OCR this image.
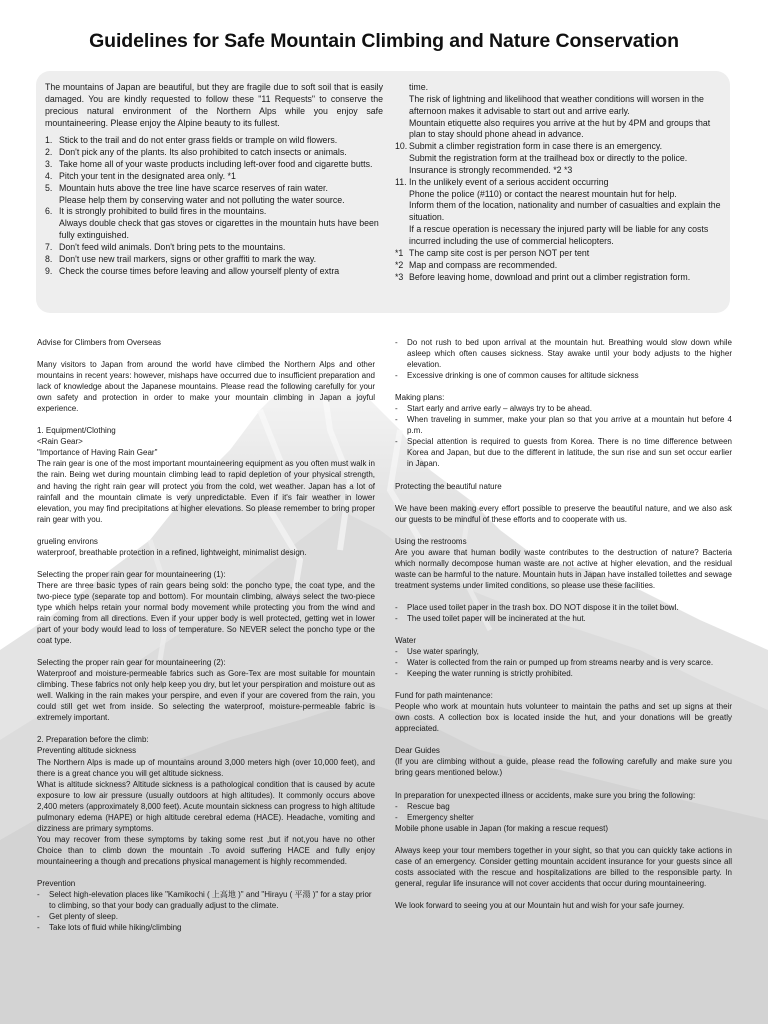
Guidelines for Safe Mountain Climbing and Nature Conservation

The mountains of Japan are beautiful, but they are fragile due to soft soil that is easily damaged. You are kindly requested to follow these "11 Requests" to conserve the precious natural environment of the Northern Alps while you enjoy safe mountaineering. Please enjoy the Alpine beauty to its fullest.

1. Stick to the trail and do not enter grass fields or trample on wild flowers.
2. Don't pick any of the plants. Its also prohibited to catch insects or animals.
3. Take home all of your waste products including left-over food and cigarette butts.
4. Pitch your tent in the designated area only. *1
5. Mountain huts above the tree line have scarce reserves of rain water.

Please help them by conserving water and not polluting the water source.

6. It is strongly prohibited to build fires in the mountains.

Always double check that gas stoves or cigarettes in the mountain huts have been fully extinguished.

7. Don't feed wild animals. Don't bring pets to the mountains.
8. Don't use new trail markers, signs or other graffiti to mark the way.
9. Check the course times before leaving and allow yourself plenty of extra

time.

The risk of lightning and likelihood that weather conditions will worsen in the afternoon makes it advisable to start out and arrive early.

Mountain etiquette also requires you arrive at the hut by 4PM and groups that plan to stay should phone ahead in advance.

10. Submit a climber registration form in case there is an emergency.

Submit the registration form at the trailhead box or directly to the police.

Insurance is strongly recommended. *2 *3

11. In the unlikely event of a serious accident occurring

Phone the police (#110) or contact the nearest mountain hut for help.

Inform them of the location, nationality and number of casualties and explain the situation.

If a rescue operation is necessary the injured party will be liable for any costs incurred including the use of commercial helicopters.

*1 The camp site cost is per person NOT per tent
*2 Map and compass are recommended.
*3 Before leaving home, download and print out a climber registration form.

Advise for Climbers from Overseas

Many visitors to Japan from around the world have climbed the Northern Alps and other mountains in recent years: however, mishaps have occurred due to insufficient preparation and lack of knowledge about the Japanese mountains. Please read the following carefully for your own safety and protection in order to make your mountain climbing in Japan a joyful experience.

1. Equipment/Clothing

<Rain Gear>

"Importance of Having Rain Gear"

The rain gear is one of the most important mountaineering equipment as you often must walk in the rain. Being wet during mountain climbing lead to rapid depletion of your physical strength, and having the right rain gear will protect you from the cold, wet weather. Japan has a lot of rainfall and the mountain climate is very unpredictable. Even if it's fair weather in lower elevation, you may find precipitations at higher elevations. So please remember to bring proper rain gear with you.

grueling environs

waterproof, breathable protection in a refined, lightweight, minimalist design.

Selecting the proper rain gear for mountaineering (1):

There are three basic types of rain gears being sold: the poncho type, the coat type, and the two-piece type (separate top and bottom). For mountain climbing, always select the two-piece type which helps retain your normal body movement while protecting you from the wind and rain coming from all directions. Even if your upper body is well protected, getting wet in lower part of your body would lead to loss of temperature. So NEVER select the poncho type or the coat type.

Selecting the proper rain gear for mountaineering (2):

Waterproof and moisture-permeable fabrics such as Gore-Tex are most suitable for mountain climbing. These fabrics not only help keep you dry, but let your perspiration and moisture out as well. Walking in the rain makes your perspire, and even if your are covered from the rain, you could still get wet from inside. So selecting the waterproof, moisture-permeable fabric is extremely important.

2. Preparation before the climb:

Preventing altitude sickness

The Northern Alps is made up of mountains around 3,000 meters high (over 10,000 feet), and there is a great chance you will get altitude sickness.

What is altitude sickness? Altitude sickness is a pathological condition that is caused by acute exposure to low air pressure (usually outdoors at high altitudes). It commonly occurs above 2,400 meters (approximately 8,000 feet). Acute mountain sickness can progress to high altitude pulmonary edema (HAPE) or high altitude cerebral edema (HACE). Headache, vomiting and dizziness are primary symptoms.

You may recover from these symptoms by taking some rest ,but if not,you have no other Choice than to climb down the mountain .To avoid suffering HACE and fully enjoy mountaineering a though and precations physical management is highly recommended.

Prevention

-	Select high-elevation places like "Kamikochi ( 上高地 )" and "Hirayu ( 平湯 )" for a stay prior to climbing, so that your body can gradually adjust to the climate.
-	Get plenty of sleep.
-	Take lots of fluid while hiking/climbing
-	Do not rush to bed upon arrival at the mountain hut. Breathing would slow down while asleep which often causes sickness. Stay awake until your body adjusts to the higher elevation.
-	Excessive drinking is one of common causes for altitude sickness

Making plans:

-	Start early and arrive early – always try to be ahead.
-	When traveling in summer, make your plan so that you arrive at a mountain hut before 4 p.m.
-	Special attention is required to guests from Korea. There is no time difference between Korea and Japan, but due to the different in latitude, the sun rise and sun set occur earlier in Japan.

Protecting the beautiful nature

We have been making every effort possible to preserve the beautiful nature, and we also ask our guests to be mindful of these efforts and to cooperate with us.

Using the restrooms

Are you aware that human bodily waste contributes to the destruction of nature? Bacteria which normally decompose human waste are not active at higher elevation, and the residual waste can be harmful to the nature. Mountain huts in Japan have installed toilettes and sewage treatment systems under limited conditions, so please use these facilities.

-	Place used toilet paper in the trash box. DO NOT dispose it in the toilet bowl.
-	The used toilet paper will be incinerated at the hut.

Water

-	Use water sparingly,
-	Water is collected from the rain or pumped up from streams nearby and is very scarce.
-	Keeping the water running is strictly prohibited.

Fund for path maintenance:

People who work at mountain huts volunteer to maintain the paths and set up signs at their own costs. A collection box is located inside the hut, and your donations will be greatly appreciated.

Dear Guides

(If you are climbing without a guide, please read the following carefully and make sure you bring gears mentioned below.)

In preparation for unexpected illness or accidents, make sure you bring the following:

-	Rescue bag
-	Emergency shelter

Mobile phone usable in Japan (for making a rescue request)

Always keep your tour members together in your sight, so that you can quickly take actions in case of an emergency. Consider getting mountain accident insurance for your guests since all costs associated with the rescue and hospitalizations are billed to the responsible party. In general, regular life insurance will not cover accidents that occur during mountaineering.

We look forward to seeing you at our Mountain hut and wish for your safe journey.
